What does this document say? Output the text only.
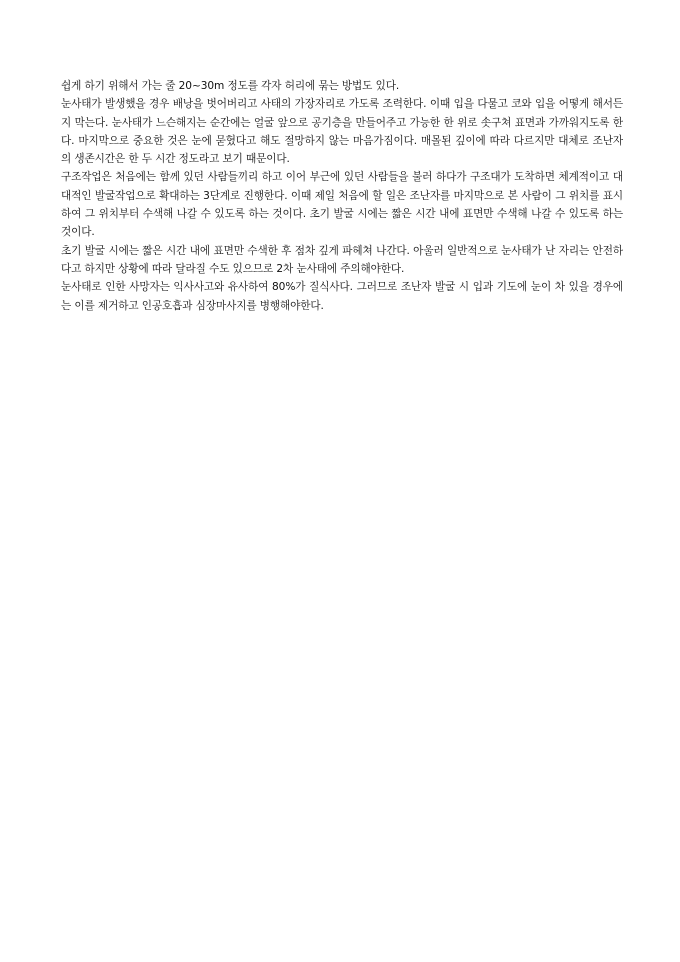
쉽게 하기 위해서 가는 줄 20~30m 정도를 각자 허리에 묶는 방법도 있다.

눈사태가 발생했을 경우 배낭을 벗어버리고 사태의 가장자리로 가도록 조력한다. 이때 입을 다물고 코와 입을 어떻게 해서든지 막는다. 눈사태가 느슨해지는 순간에는 얼굴 앞으로 공기층을 만들어주고 가능한 한 위로 솟구쳐 표면과 가까워지도록 한다. 마지막으로 중요한 것은 눈에 묻혔다고 해도 절망하지 않는 마음가짐이다. 매몰된 깊이에 따라 다르지만 대체로 조난자의 생존시간은 한 두 시간 정도라고 보기 때문이다.

구조작업은 처음에는 함께 있던 사람들끼리 하고 이어 부근에 있던 사람들을 불러 하다가 구조대가 도착하면 체계적이고 대대적인 발굴작업으로 확대하는 3단계로 진행한다. 이때 제일 처음에 할 일은 조난자를 마지막으로 본 사람이 그 위치를 표시하여 그 위치부터 수색해 나갈 수 있도록 하는 것이다. 초기 발굴 시에는 짧은 시간 내에 표면만 수색해 나갈 수 있도록 하는 것이다.

초기 발굴 시에는 짧은 시간 내에 표면만 수색한 후 점차 깊게 파헤쳐 나간다. 아울러 일반적으로 눈사태가 난 자리는 안전하다고 하지만 상황에 따라 달라질 수도 있으므로 2차 눈사태에 주의해야한다.

눈사태로 인한 사망자는 익사사고와 유사하여 80%가 질식사다. 그러므로 조난자 발굴 시 입과 기도에 눈이 차 있을 경우에는 이를 제거하고 인공호흡과 심장마사지를 병행해야한다.
